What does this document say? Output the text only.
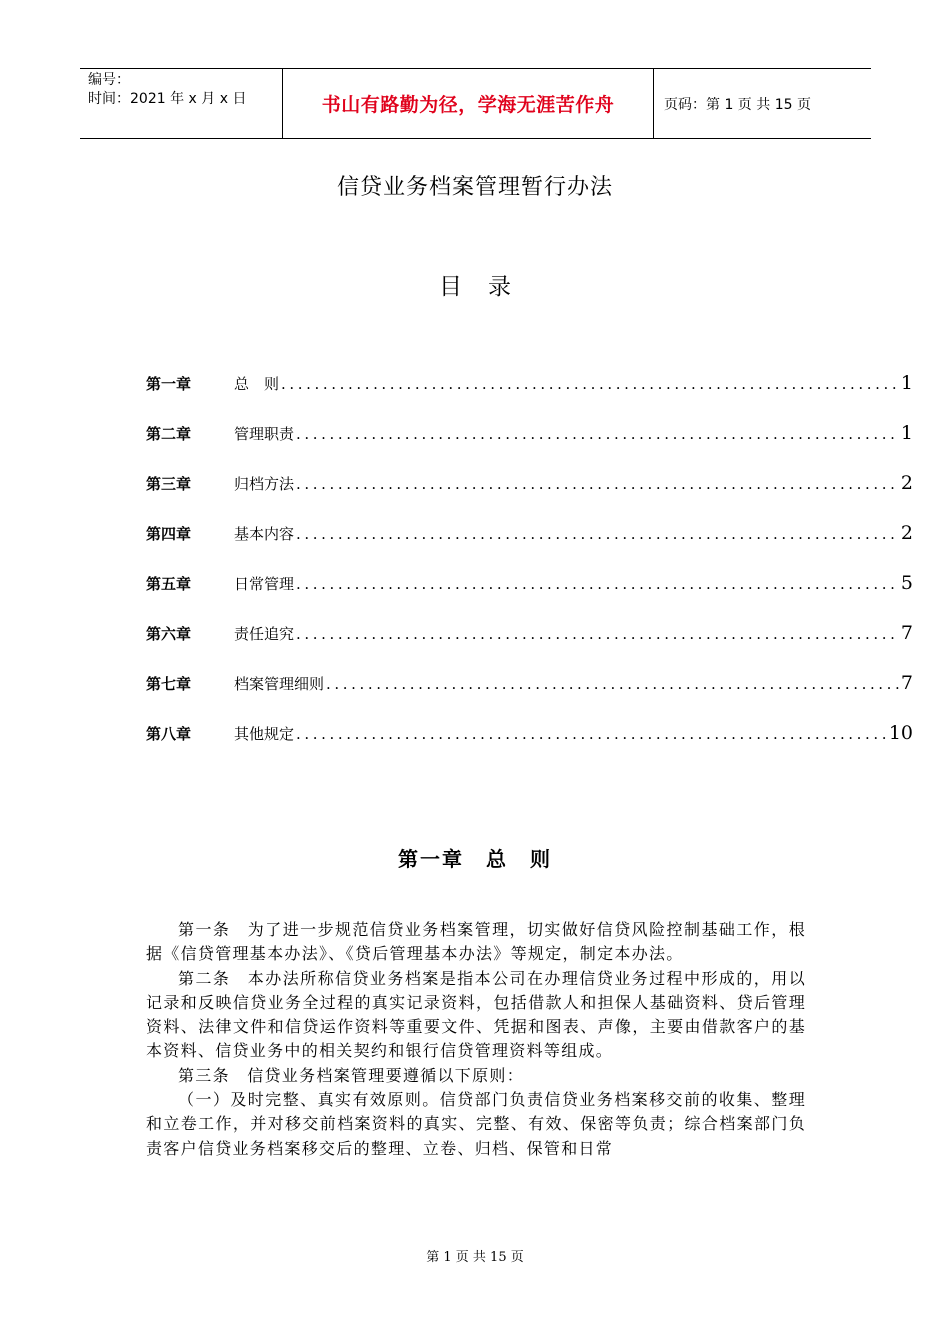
编号：
时间：2021 年 x 月 x 日	书山有路勤为径，学海无涯苦作舟	页码：第 1 页 共 15 页
信贷业务档案管理暂行办法
目录
第一章	总　则 .....	1
第二章	管理职责 .....	1
第三章	归档方法 .....	2
第四章	基本内容 .....	2
第五章	日常管理 .....	5
第六章	责任追究 .....	7
第七章	档案管理细则 .....	7
第八章	其他规定 .....	10
第一章　总　则

第一条　为了进一步规范信贷业务档案管理，切实做好信贷风险控制基础工作，根据《信贷管理基本办法》、《贷后管理基本办法》等规定，制定本办法。

第二条　本办法所称信贷业务档案是指本公司在办理信贷业务过程中形成的，用以记录和反映信贷业务全过程的真实记录资料，包括借款人和担保人基础资料、贷后管理资料、法律文件和信贷运作资料等重要文件、凭据和图表、声像，主要由借款客户的基本资料、信贷业务中的相关契约和银行信贷管理资料等组成。

第三条　信贷业务档案管理要遵循以下原则：

（一）及时完整、真实有效原则。信贷部门负责信贷业务档案移交前的收集、整理和立卷工作，并对移交前档案资料的真实、完整、有效、保密等负责；综合档案部门负责客户信贷业务档案移交后的整理、立卷、归档、保管和日常

第 1 页 共 15 页
